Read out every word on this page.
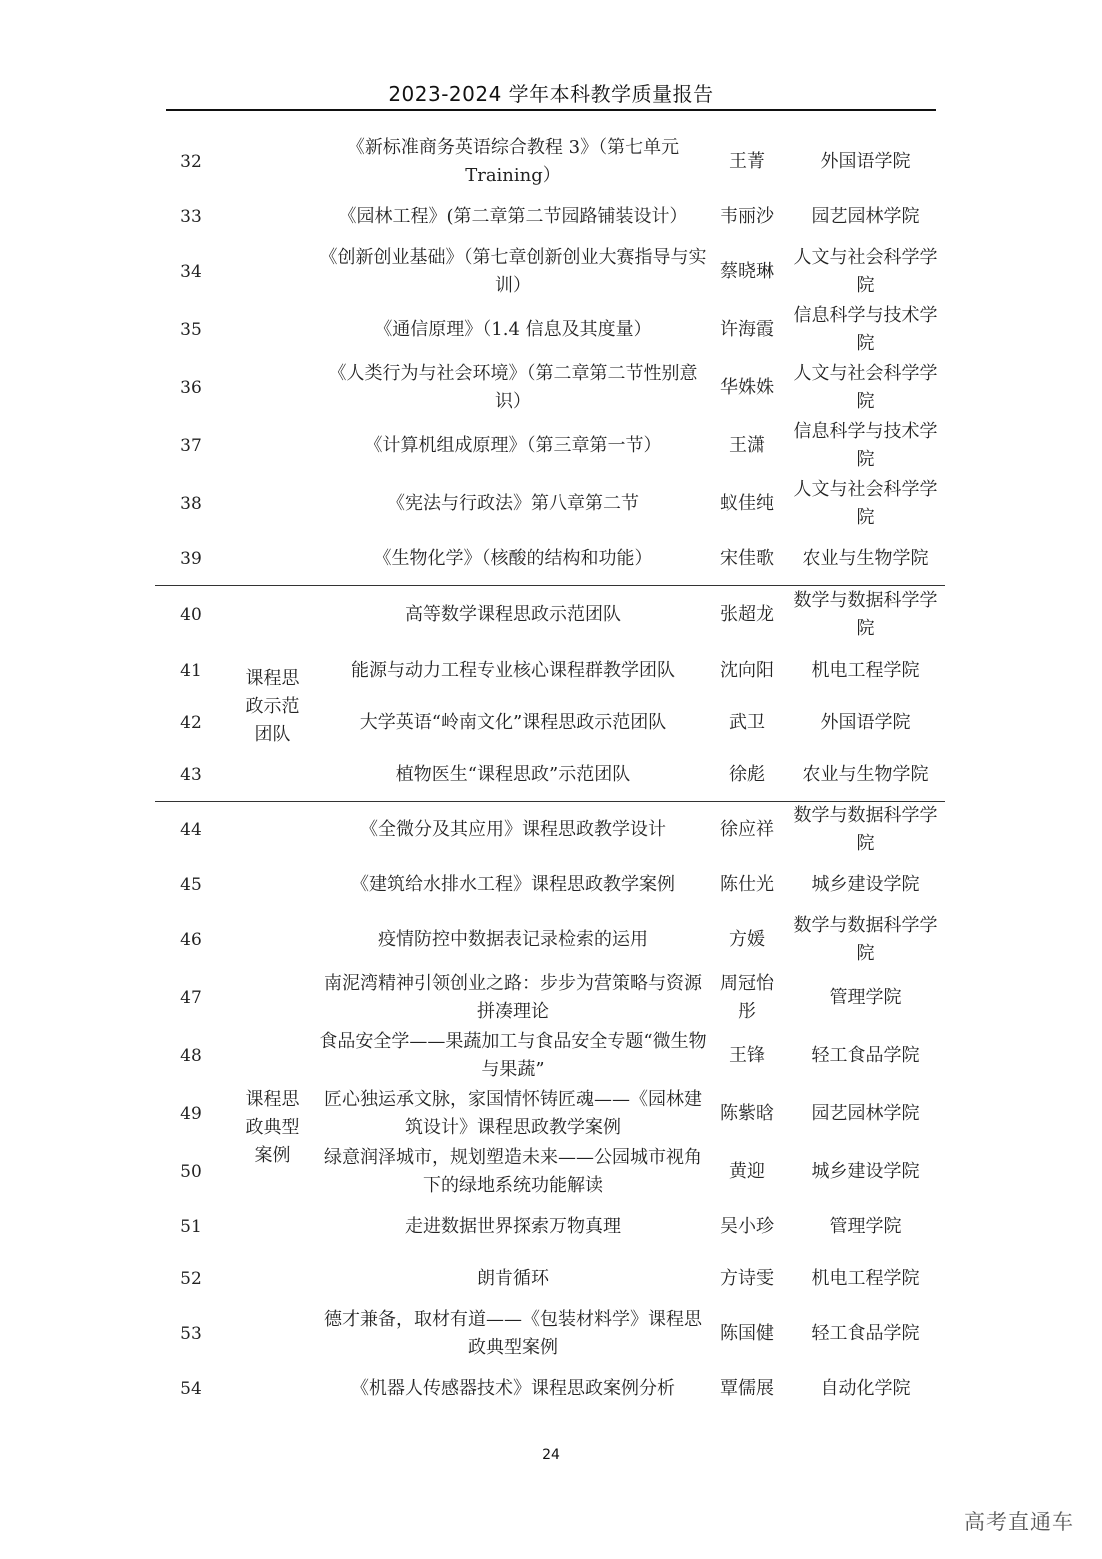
2023-2024 学年本科教学质量报告
32		《新标准商务英语综合教程 3》（第七单元 Training）	王菁	外国语学院
33		《园林工程》(第二章第二节园路铺装设计）	韦丽沙	园艺园林学院
34		《创新创业基础》（第七章创新创业大赛指导与实训）	蔡晓琳	人文与社会科学学院
35		《通信原理》（1.4 信息及其度量）	许海霞	信息科学与技术学院
36		《人类行为与社会环境》（第二章第二节性别意识）	华姝姝	人文与社会科学学院
37		《计算机组成原理》（第三章第一节）	王潇	信息科学与技术学院
38		《宪法与行政法》第八章第二节	蚁佳纯	人文与社会科学学院
39		《生物化学》（核酸的结构和功能）	宋佳歌	农业与生物学院
40	课程思政示范团队	高等数学课程思政示范团队	张超龙	数学与数据科学学院
41		能源与动力工程专业核心课程群教学团队	沈向阳	机电工程学院
42		大学英语“岭南文化”课程思政示范团队	武卫	外国语学院
43		植物医生“课程思政”示范团队	徐彪	农业与生物学院
44	课程思政典型案例	《全微分及其应用》课程思政教学设计	徐应祥	数学与数据科学学院
45		《建筑给水排水工程》课程思政教学案例	陈仕光	城乡建设学院
46		疫情防控中数据表记录检索的运用	方媛	数学与数据科学学院
47		南泥湾精神引领创业之路：步步为营策略与资源拼凑理论	周冠怡彤	管理学院
48		食品安全学——果蔬加工与食品安全专题“微生物与果蔬”	王锋	轻工食品学院
49		匠心独运承文脉，家国情怀铸匠魂——《园林建筑设计》课程思政教学案例	陈紫晗	园艺园林学院
50		绿意润泽城市，规划塑造未来——公园城市视角下的绿地系统功能解读	黄迎	城乡建设学院
51		走进数据世界探索万物真理	吴小珍	管理学院
52		朗肯循环	方诗雯	机电工程学院
53		德才兼备，取材有道——《包装材料学》课程思政典型案例	陈国健	轻工食品学院
54		《机器人传感器技术》课程思政案例分析	覃儒展	自动化学院
24
高考直通车
